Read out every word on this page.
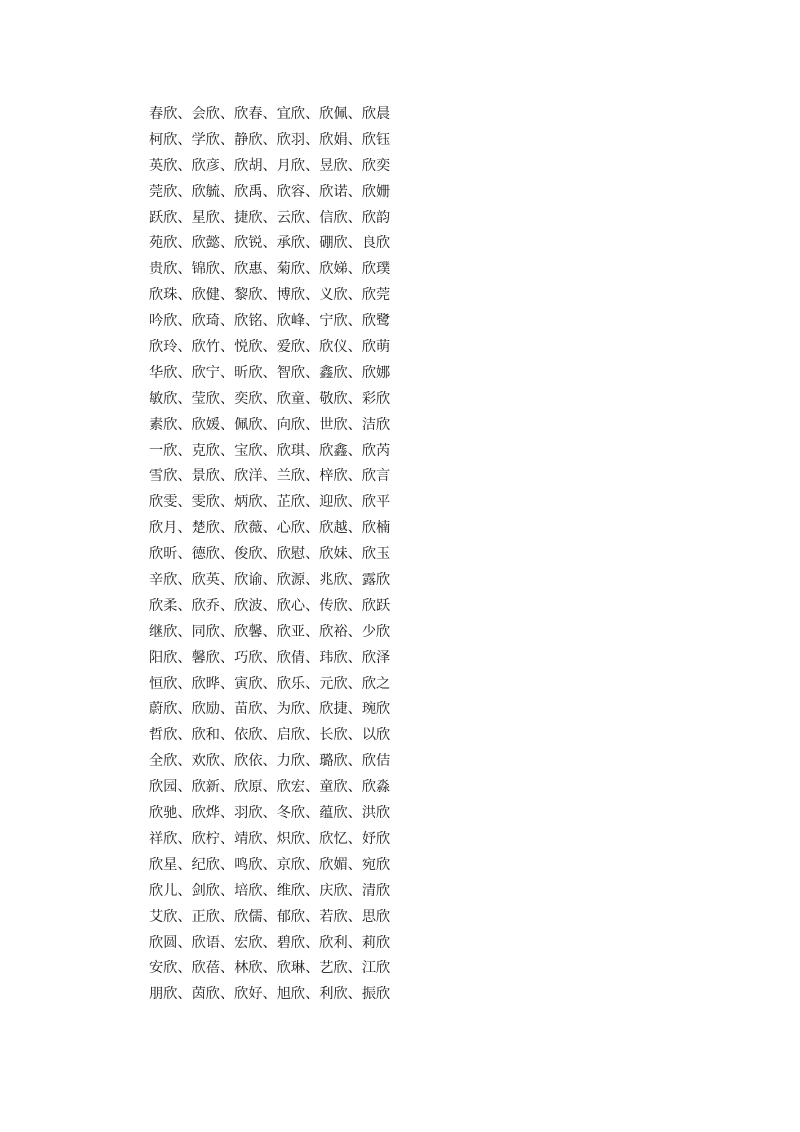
春欣、会欣、欣春、宜欣、欣佩、欣晨
柯欣、学欣、静欣、欣羽、欣娟、欣钰
英欣、欣彦、欣胡、月欣、昱欣、欣奕
莞欣、欣毓、欣禹、欣容、欣诺、欣姗
跃欣、星欣、捷欣、云欣、信欣、欣韵
苑欣、欣懿、欣锐、承欣、硼欣、良欣
贵欣、锦欣、欣惠、菊欣、欣娣、欣璞
欣珠、欣健、黎欣、博欣、义欣、欣莞
吟欣、欣琦、欣铭、欣峰、宁欣、欣鹭
欣玲、欣竹、悦欣、爱欣、欣仪、欣萌
华欣、欣宁、昕欣、智欣、鑫欣、欣娜
敏欣、莹欣、奕欣、欣童、敬欣、彩欣
素欣、欣媛、佩欣、向欣、世欣、洁欣
一欣、克欣、宝欣、欣琪、欣鑫、欣芮
雪欣、景欣、欣洋、兰欣、梓欣、欣言
欣雯、雯欣、炳欣、芷欣、迎欣、欣平
欣月、楚欣、欣薇、心欣、欣越、欣楠
欣昕、德欣、俊欣、欣慰、欣妹、欣玉
辛欣、欣英、欣谕、欣源、兆欣、露欣
欣柔、欣乔、欣波、欣心、传欣、欣跃
继欣、同欣、欣馨、欣亚、欣裕、少欣
阳欣、馨欣、巧欣、欣倩、玮欣、欣泽
恒欣、欣晔、寅欣、欣乐、元欣、欣之
蔚欣、欣励、苗欣、为欣、欣捷、琬欣
哲欣、欣和、依欣、启欣、长欣、以欣
全欣、欢欣、欣依、力欣、璐欣、欣佶
欣园、欣新、欣原、欣宏、童欣、欣淼
欣驰、欣烨、羽欣、冬欣、蕴欣、洪欣
祥欣、欣柠、靖欣、炽欣、欣忆、妤欣
欣星、纪欣、鸣欣、京欣、欣媚、宛欣
欣儿、剑欣、培欣、维欣、庆欣、清欣
艾欣、正欣、欣儒、郁欣、若欣、思欣
欣圆、欣语、宏欣、碧欣、欣利、莉欣
安欣、欣蓓、林欣、欣琳、艺欣、江欣
朋欣、茵欣、欣好、旭欣、利欣、振欣
